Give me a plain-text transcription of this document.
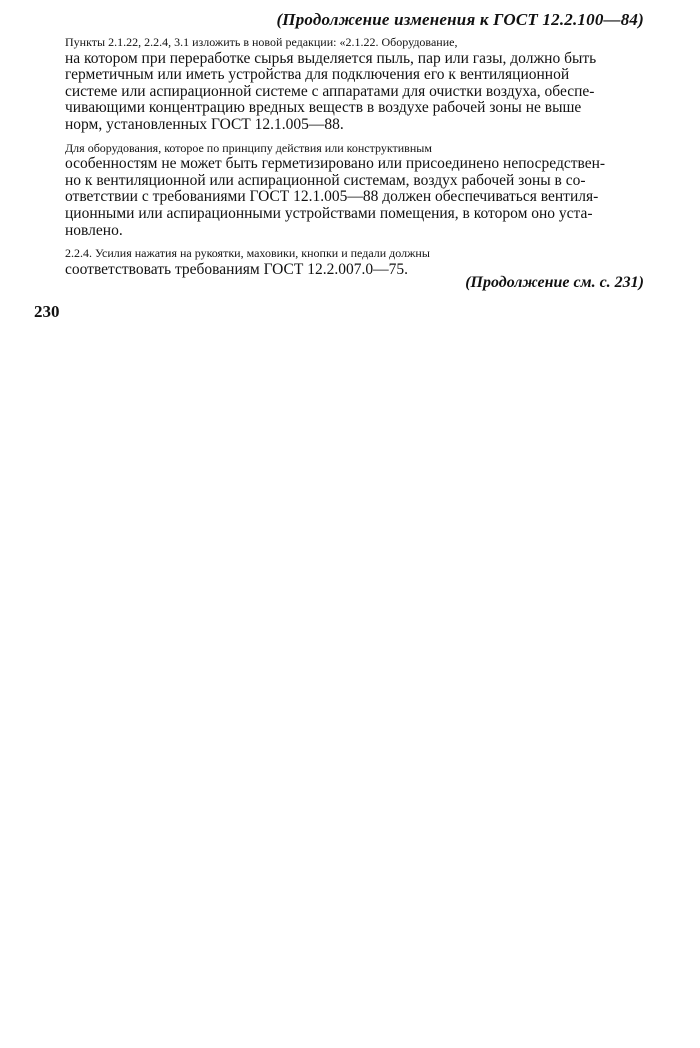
(Продолжение изменения к ГОСТ 12.2.100—84)

Пункты 2.1.22, 2.2.4, 3.1 изложить в новой редакции: «2.1.22. Оборудование,
на котором при переработке сырья выделяется пыль, пар или газы, должно быть
герметичным или иметь устройства для подключения его к вентиляционной
системе или аспирационной системе с аппаратами для очистки воздуха, обеспе-
чивающими концентрацию вредных веществ в воздухе рабочей зоны не выше
норм, установленных ГОСТ 12.1.005—88.

Для оборудования, которое по принципу действия или конструктивным
особенностям не может быть герметизировано или присоединено непосредствен-
но к вентиляционной или аспирационной системам, воздух рабочей зоны в со-
ответствии с требованиями ГОСТ 12.1.005—88 должен обеспечиваться вентиля-
ционными или аспирационными устройствами помещения, в котором оно уста-
новлено.

2.2.4. Усилия нажатия на рукоятки, маховики, кнопки и педали должны
соответствовать требованиям ГОСТ 12.2.007.0—75.

(Продолжение см. с. 231)
230
